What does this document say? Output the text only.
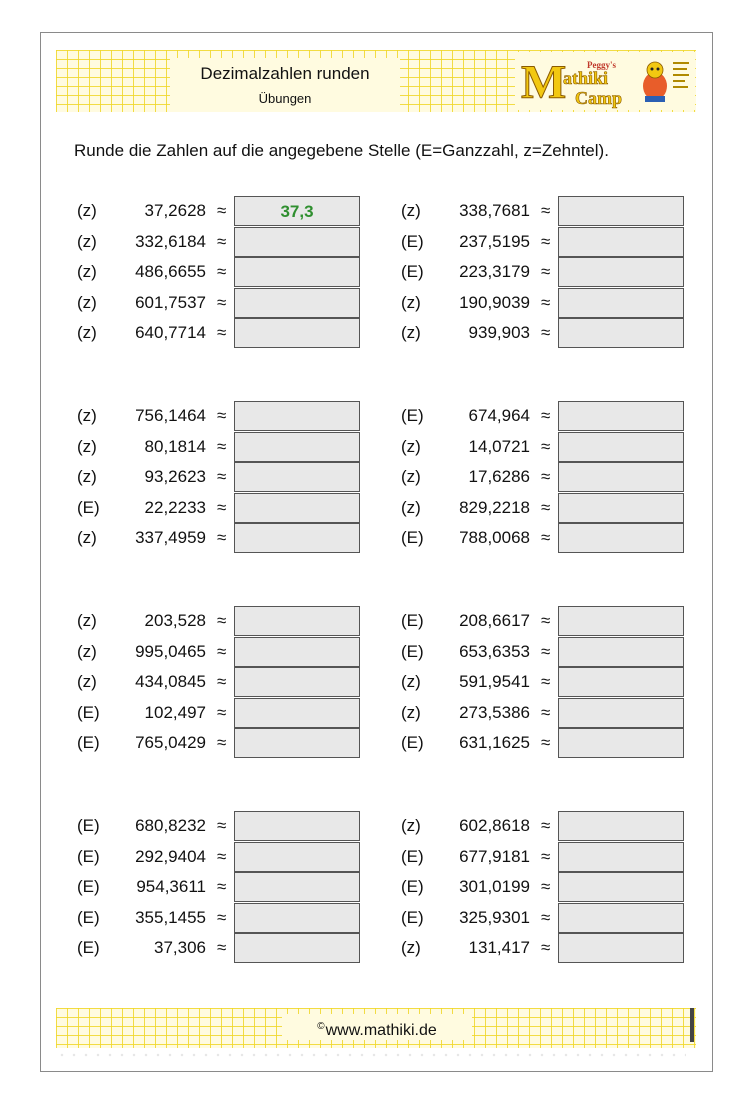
Dezimalzahlen runden
Übungen	M Peggy's
athiki
Camp
Runde die Zahlen auf die angegebene Stelle (E=Ganzzahl, z=Zehntel).
(z)	37,2628 ≈	37,3
(z)	332,6184 ≈
(z)	486,6655 ≈
(z)	601,7537 ≈
(z)	640,7714 ≈
(z)	338,7681 ≈
(E)	237,5195 ≈
(E)	223,3179 ≈
(z)	190,9039 ≈
(z)	939,903 ≈
(z)	756,1464 ≈
(z)	80,1814 ≈
(z)	93,2623 ≈
(E)	22,2233 ≈
(z)	337,4959 ≈
(E)	674,964 ≈
(z)	14,0721 ≈
(z)	17,6286 ≈
(z)	829,2218 ≈
(E)	788,0068 ≈
(z)	203,528 ≈
(z)	995,0465 ≈
(z)	434,0845 ≈
(E)	102,497 ≈
(E)	765,0429 ≈
(E)	208,6617 ≈
(E)	653,6353 ≈
(z)	591,9541 ≈
(z)	273,5386 ≈
(E)	631,1625 ≈
(E)	680,8232 ≈
(E)	292,9404 ≈
(E)	954,3611 ≈
(E)	355,1455 ≈
(E)	37,306 ≈
(z)	602,8618 ≈
(E)	677,9181 ≈
(E)	301,0199 ≈
(E)	325,9301 ≈
(z)	131,417 ≈
©www.mathiki.de
